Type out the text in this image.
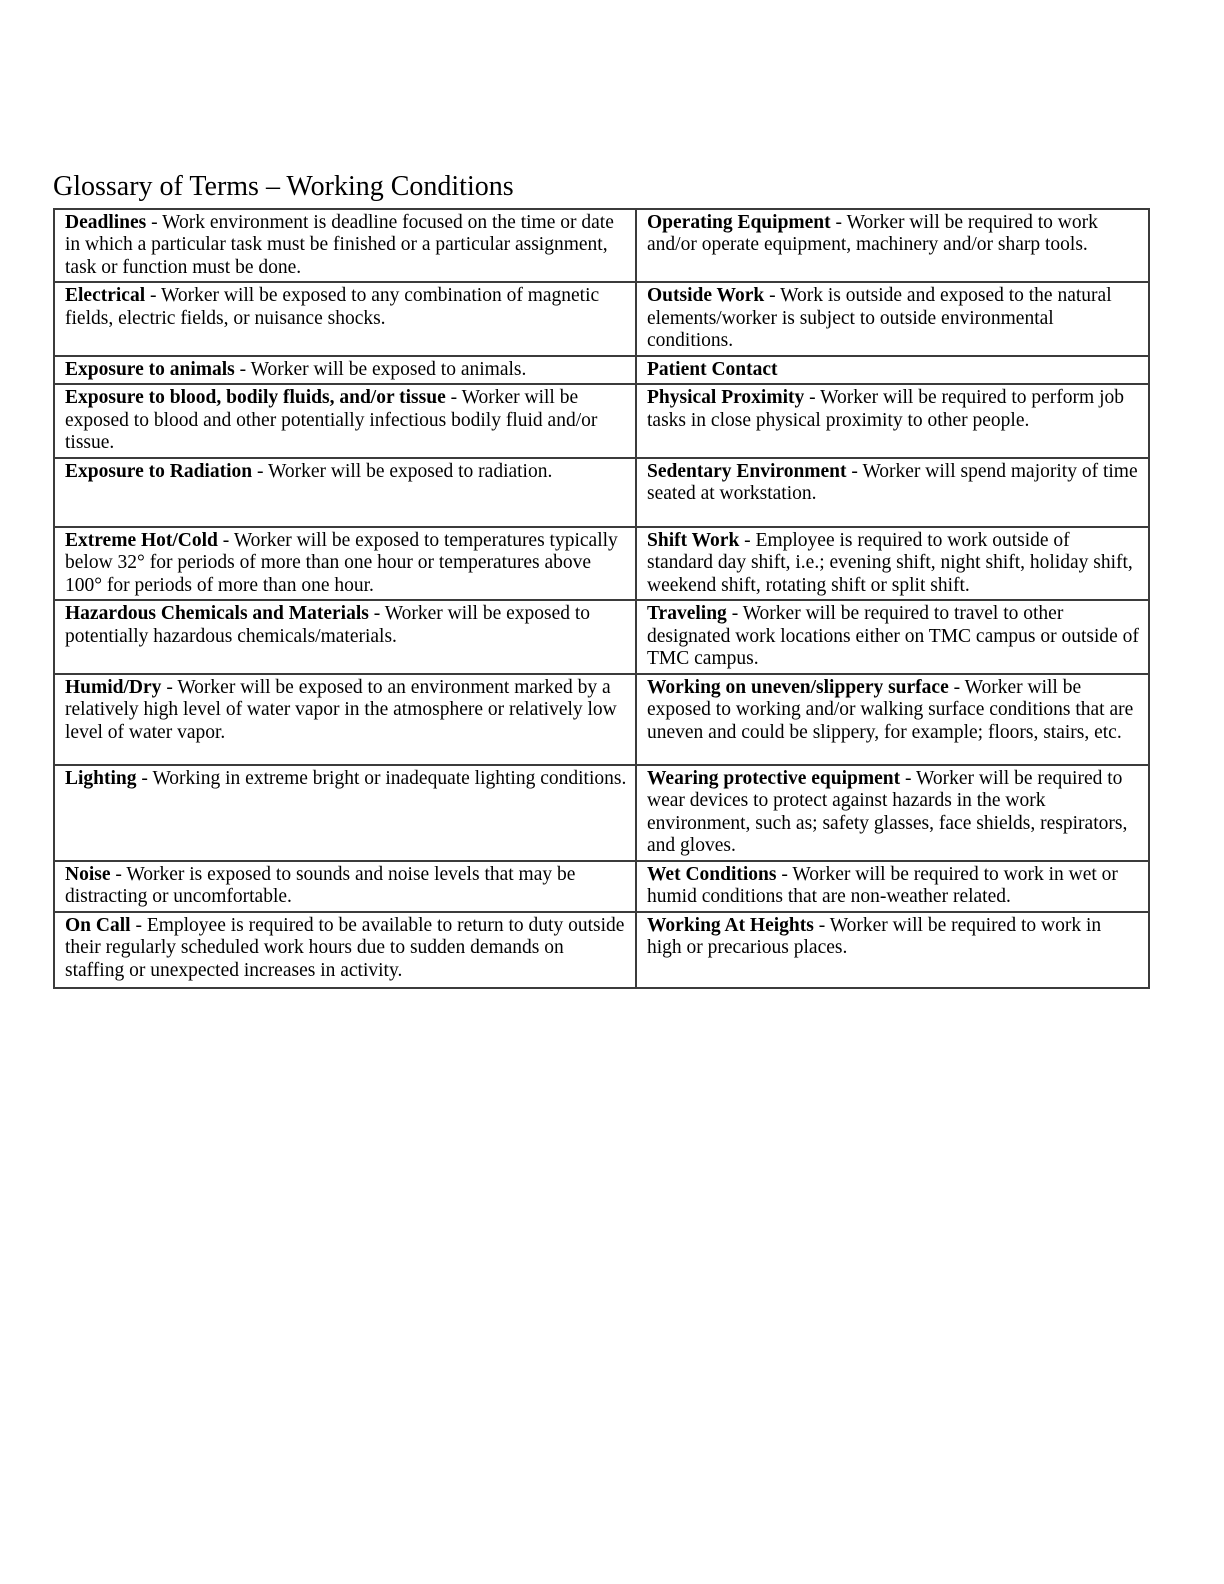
Glossary of Terms – Working Conditions
Deadlines - Work environment is deadline focused on the time or date in which a particular task must be finished or a particular assignment, task or function must be done.	Operating Equipment - Worker will be required to work and/or operate equipment, machinery and/or sharp tools.
Electrical - Worker will be exposed to any combination of magnetic fields, electric fields, or nuisance shocks.	Outside Work - Work is outside and exposed to the natural elements/worker is subject to outside environmental conditions.
Exposure to animals - Worker will be exposed to animals.	Patient Contact
Exposure to blood, bodily fluids, and/or tissue - Worker will be exposed to blood and other potentially infectious bodily fluid and/or tissue.	Physical Proximity - Worker will be required to perform job tasks in close physical proximity to other people.
Exposure to Radiation - Worker will be exposed to radiation.	Sedentary Environment - Worker will spend majority of time seated at workstation.
Extreme Hot/Cold - Worker will be exposed to temperatures typically below 32° for periods of more than one hour or temperatures above 100° for periods of more than one hour.	Shift Work - Employee is required to work outside of standard day shift, i.e.; evening shift, night shift, holiday shift, weekend shift, rotating shift or split shift.
Hazardous Chemicals and Materials - Worker will be exposed to potentially hazardous chemicals/materials.	Traveling - Worker will be required to travel to other designated work locations either on TMC campus or outside of TMC campus.
Humid/Dry - Worker will be exposed to an environment marked by a relatively high level of water vapor in the atmosphere or relatively low level of water vapor.	Working on uneven/slippery surface - Worker will be exposed to working and/or walking surface conditions that are uneven and could be slippery, for example; floors, stairs, etc.
Lighting - Working in extreme bright or inadequate lighting conditions.	Wearing protective equipment - Worker will be required to wear devices to protect against hazards in the work environment, such as; safety glasses, face shields, respirators, and gloves.
Noise - Worker is exposed to sounds and noise levels that may be distracting or uncomfortable.	Wet Conditions - Worker will be required to work in wet or humid conditions that are non-weather related.
On Call - Employee is required to be available to return to duty outside their regularly scheduled work hours due to sudden demands on staffing or unexpected increases in activity.	Working At Heights - Worker will be required to work in high or precarious places.
